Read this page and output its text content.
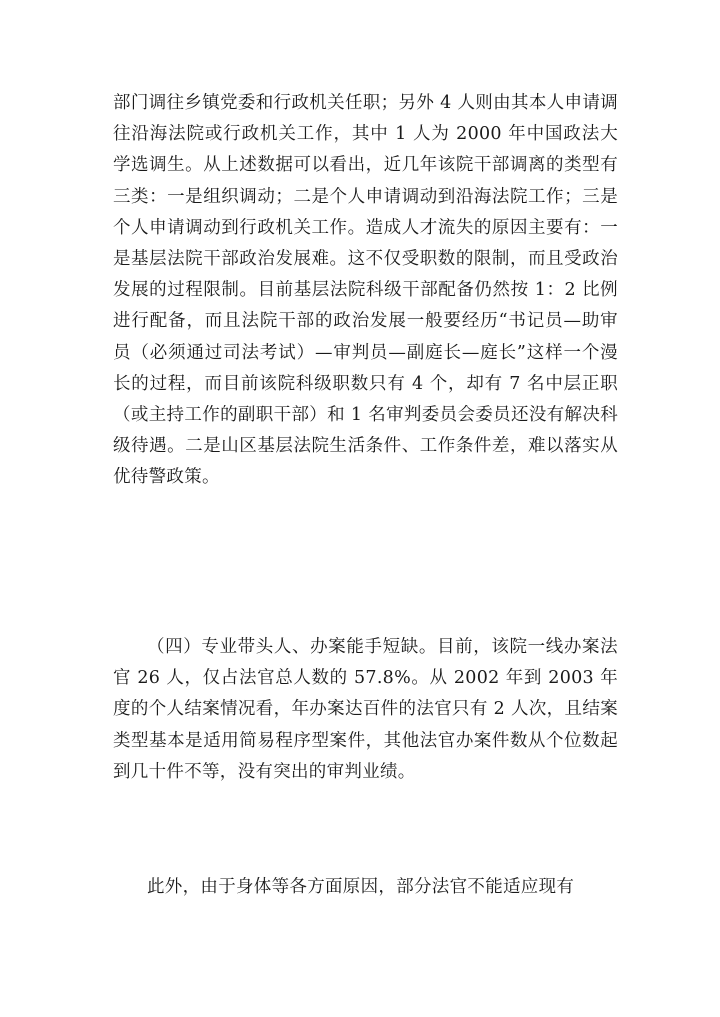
部门调往乡镇党委和行政机关任职；另外 4 人则由其本人申请调往沿海法院或行政机关工作，其中 1 人为 2000 年中国政法大学选调生。从上述数据可以看出，近几年该院干部调离的类型有三类：一是组织调动；二是个人申请调动到沿海法院工作；三是个人申请调动到行政机关工作。造成人才流失的原因主要有：一是基层法院干部政治发展难。这不仅受职数的限制，而且受政治发展的过程限制。目前基层法院科级干部配备仍然按 1：2 比例进行配备，而且法院干部的政治发展一般要经历“书记员—助审员（必须通过司法考试）—审判员—副庭长—庭长”这样一个漫长的过程，而目前该院科级职数只有 4 个，却有 7 名中层正职（或主持工作的副职干部）和 1 名审判委员会委员还没有解决科级待遇。二是山区基层法院生活条件、工作条件差，难以落实从优待警政策。

（四）专业带头人、办案能手短缺。目前，该院一线办案法官 26 人，仅占法官总人数的 57.8%。从 2002 年到 2003 年度的个人结案情况看，年办案达百件的法官只有 2 人次，且结案类型基本是适用简易程序型案件，其他法官办案件数从个位数起到几十件不等，没有突出的审判业绩。

此外，由于身体等各方面原因，部分法官不能适应现有
